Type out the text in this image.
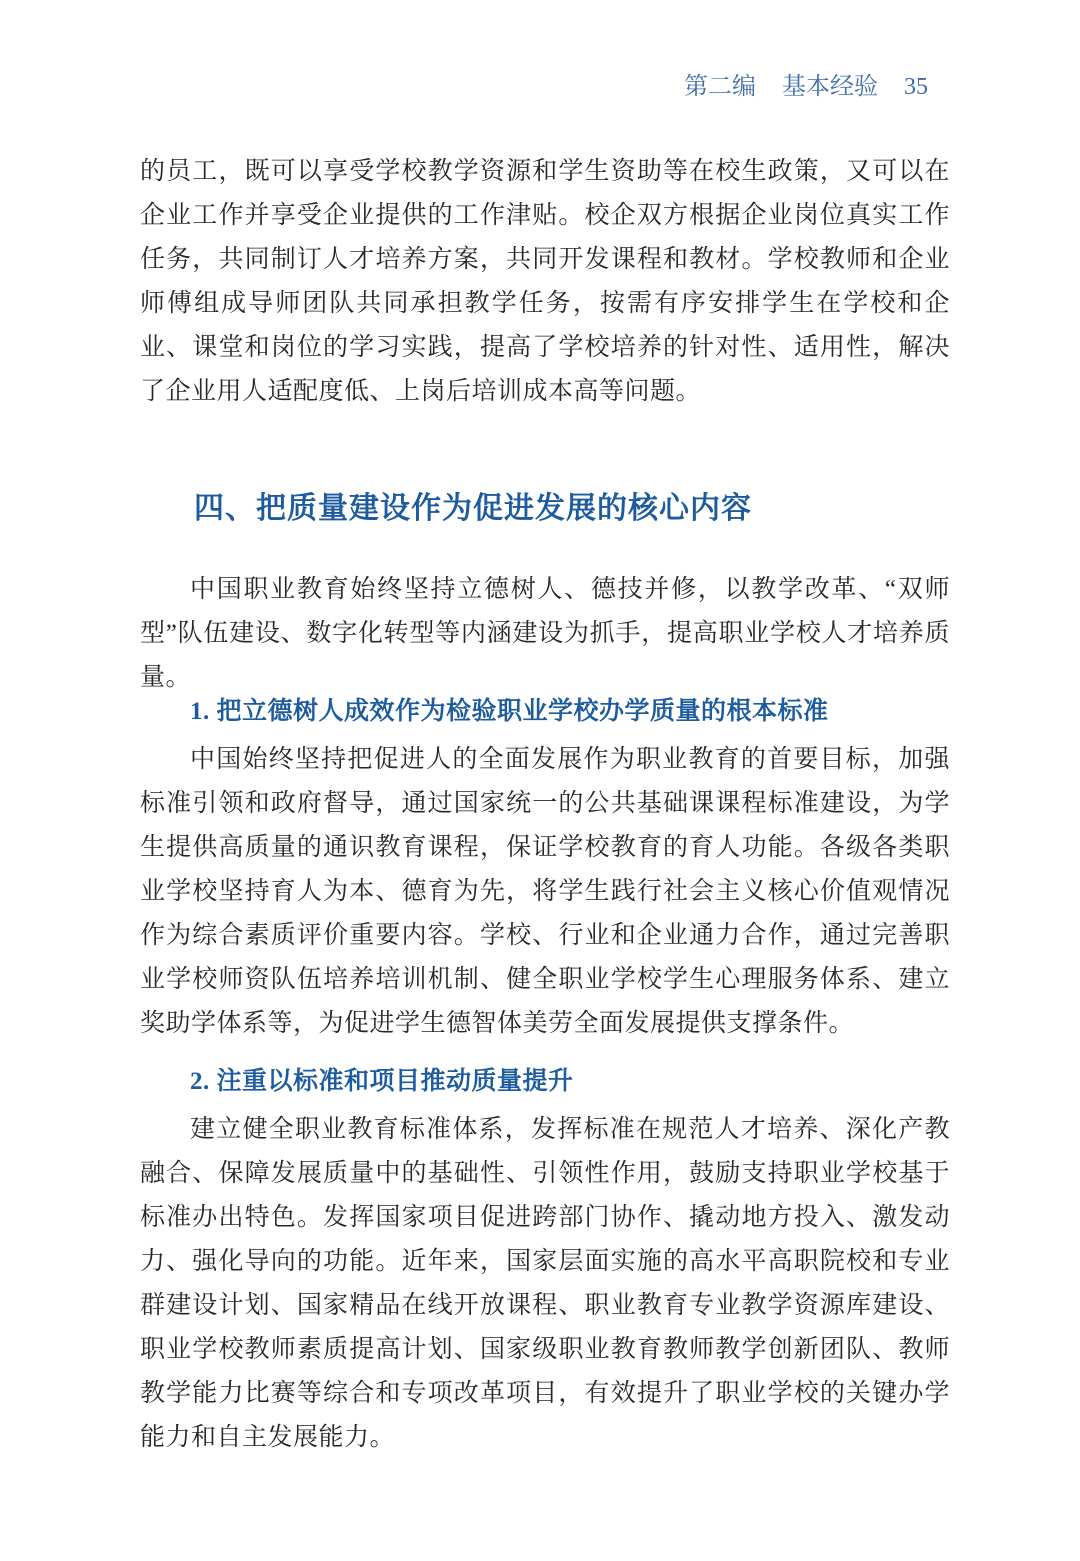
第二编 基本经验 35

的员工，既可以享受学校教学资源和学生资助等在校生政策，又可以在企业工作并享受企业提供的工作津贴。校企双方根据企业岗位真实工作任务，共同制订人才培养方案，共同开发课程和教材。学校教师和企业师傅组成导师团队共同承担教学任务，按需有序安排学生在学校和企业、课堂和岗位的学习实践，提高了学校培养的针对性、适用性，解决了企业用人适配度低、上岗后培训成本高等问题。

四、把质量建设作为促进发展的核心内容

中国职业教育始终坚持立德树人、德技并修，以教学改革、“双师型”队伍建设、数字化转型等内涵建设为抓手，提高职业学校人才培养质量。

1. 把立德树人成效作为检验职业学校办学质量的根本标准

中国始终坚持把促进人的全面发展作为职业教育的首要目标，加强标准引领和政府督导，通过国家统一的公共基础课课程标准建设，为学生提供高质量的通识教育课程，保证学校教育的育人功能。各级各类职业学校坚持育人为本、德育为先，将学生践行社会主义核心价值观情况作为综合素质评价重要内容。学校、行业和企业通力合作，通过完善职业学校师资队伍培养培训机制、健全职业学校学生心理服务体系、建立奖助学体系等，为促进学生德智体美劳全面发展提供支撑条件。

2. 注重以标准和项目推动质量提升

建立健全职业教育标准体系，发挥标准在规范人才培养、深化产教融合、保障发展质量中的基础性、引领性作用，鼓励支持职业学校基于标准办出特色。发挥国家项目促进跨部门协作、撬动地方投入、激发动力、强化导向的功能。近年来，国家层面实施的高水平高职院校和专业群建设计划、国家精品在线开放课程、职业教育专业教学资源库建设、职业学校教师素质提高计划、国家级职业教育教师教学创新团队、教师教学能力比赛等综合和专项改革项目，有效提升了职业学校的关键办学能力和自主发展能力。
